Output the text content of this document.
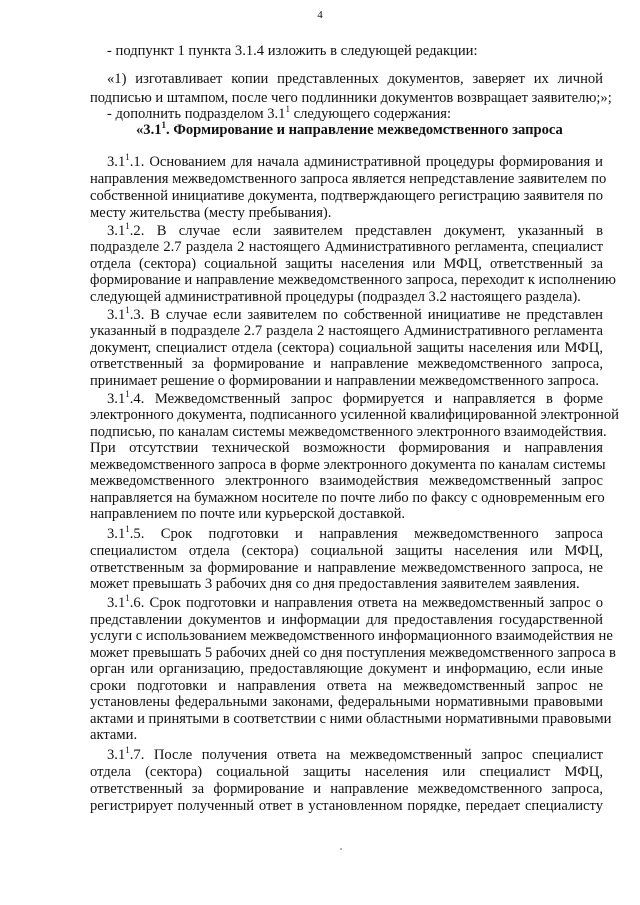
4
- подпункт 1 пункта 3.1.4 изложить в следующей редакции:
«1) изготавливает копии представленных документов, заверяет их личной
подписью и штампом, после чего подлинники документов возвращает заявителю;»;
- дополнить подразделом $3.1^1$ следующего содержания:
«$3.1^1$. Формирование и направление межведомственного запроса
$3.1^1.1$. Основанием для начала административной процедуры формирования и
направления межведомственного запроса является непредставление заявителем по
собственной инициативе документа, подтверждающего регистрацию заявителя по
месту жительства (месту пребывания).
$3.1^1.2$. В случае если заявителем представлен документ, указанный в
подразделе 2.7 раздела 2 настоящего Административного регламента, специалист
отдела (сектора) социальной защиты населения или МФЦ, ответственный за
формирование и направление межведомственного запроса, переходит к исполнению
следующей административной процедуры (подраздел 3.2 настоящего раздела).
$3.1^1.3$. В случае если заявителем по собственной инициативе не представлен
указанный в подразделе 2.7 раздела 2 настоящего Административного регламента
документ, специалист отдела (сектора) социальной защиты населения или МФЦ,
ответственный за формирование и направление межведомственного запроса,
принимает решение о формировании и направлении межведомственного запроса.
$3.1^1.4$. Межведомственный запрос формируется и направляется в форме
электронного документа, подписанного усиленной квалифицированной электронной
подписью, по каналам системы межведомственного электронного взаимодействия.
При отсутствии технической возможности формирования и направления
межведомственного запроса в форме электронного документа по каналам системы
межведомственного электронного взаимодействия межведомственный запрос
направляется на бумажном носителе по почте либо по факсу с одновременным его
направлением по почте или курьерской доставкой.
$3.1^1.5$. Срок подготовки и направления межведомственного запроса
специалистом отдела (сектора) социальной защиты населения или МФЦ,
ответственным за формирование и направление межведомственного запроса, не
может превышать 3 рабочих дня со дня предоставления заявителем заявления.
$3.1^1.6$. Срок подготовки и направления ответа на межведомственный запрос о
представлении документов и информации для предоставления государственной
услуги с использованием межведомственного информационного взаимодействия не
может превышать 5 рабочих дней со дня поступления межведомственного запроса в
орган или организацию, предоставляющие документ и информацию, если иные
сроки подготовки и направления ответа на межведомственный запрос не
установлены федеральными законами, федеральными нормативными правовыми
актами и принятыми в соответствии с ними областными нормативными правовыми
актами.
$3.1^1.7$. После получения ответа на межведомственный запрос специалист
отдела (сектора) социальной защиты населения или специалист МФЦ,
ответственный за формирование и направление межведомственного запроса,
регистрирует полученный ответ в установленном порядке, передает специалисту
